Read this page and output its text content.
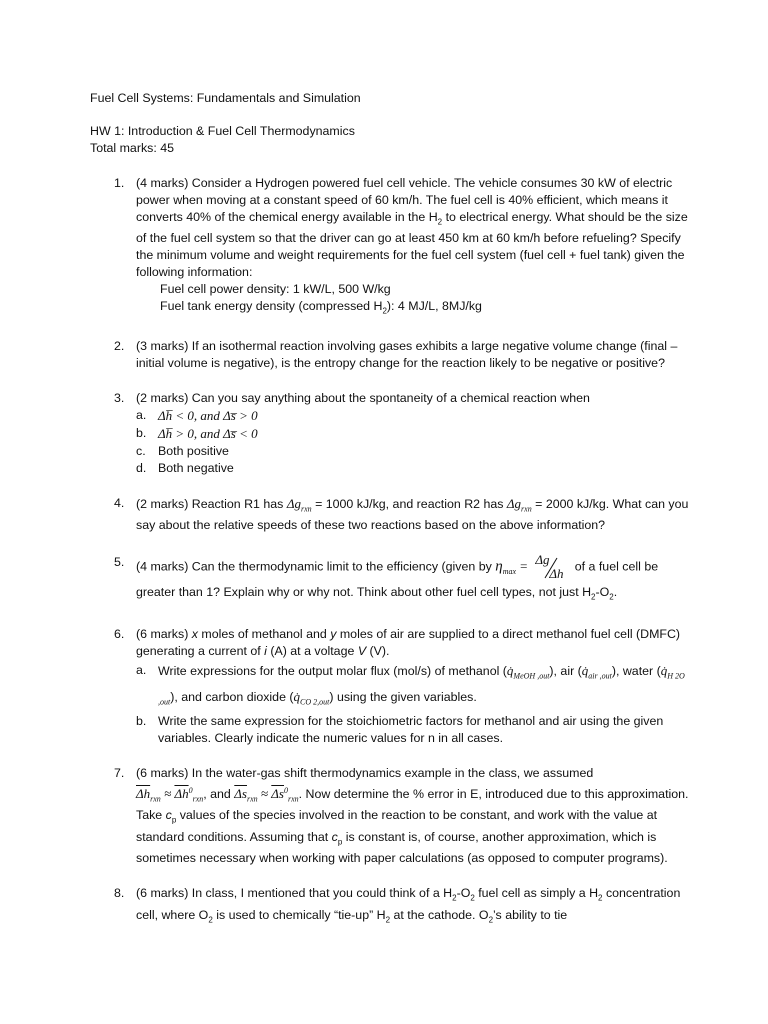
Fuel Cell Systems: Fundamentals and Simulation

HW 1: Introduction & Fuel Cell Thermodynamics

Total marks: 45

1. (4 marks) Consider a Hydrogen powered fuel cell vehicle. The vehicle consumes 30 kW of electric power when moving at a constant speed of 60 km/h. The fuel cell is 40% efficient, which means it converts 40% of the chemical energy available in the $H_2$ to electrical energy. What should be the size of the fuel cell system so that the driver can go at least 450 km at 60 km/h before refueling? Specify the minimum volume and weight requirements for the fuel cell system (fuel cell + fuel tank) given the following information:
Fuel cell power density: 1 kW/L, 500 W/kg
Fuel tank energy density (compressed $H_2$): 4 MJ/L, 8MJ/kg
2. (3 marks) If an isothermal reaction involving gases exhibits a large negative volume change (final – initial volume is negative), is the entropy change for the reaction likely to be negative or positive?
3. (2 marks) Can you say anything about the spontaneity of a chemical reaction when
a. Δh̅ < 0, and Δs̅ > 0
b. Δh̅ > 0, and Δs̅ < 0
c. Both positive
d. Both negative
4. (2 marks) Reaction R1 has $\Delta g_{rxn} = 1000$ kJ/kg, and reaction R2 has $\Delta g_{rxn} = 2000$ kJ/kg. What can you say about the relative speeds of these two reactions based on the above information?
5. (4 marks) Can the thermodynamic limit to the efficiency (given by $\eta_{max} = \Delta g$
Δh of a fuel cell be greater than 1? Explain why or why not. Think about other fuel cell types, not just $H_2-O_2$.
6. (6 marks) x moles of methanol and y moles of air are supplied to a direct methanol fuel cell (DMFC) generating a current of i (A) at a voltage V (V).
a. Write expressions for the output molar flux (mol/s) of methanol $(q̇_{MeOH ,out})$, air $(q̇_{air ,out})$, water $(q̇_{H 2O ,out})$, and carbon dioxide $(q̇_{CO 2,out})$ using the given variables.
b. Write the same expression for the stoichiometric factors for methanol and air using the given variables. Clearly indicate the numeric values for n in all cases.
7. (6 marks) In the water-gas shift thermodynamics example in the class, we assumed
$\overline{\Delta h}_{rxn} \approx \overline{\Delta h}^0_{rxn}$, and $\overline{\Delta s}_{rxn} \approx \overline{\Delta s}^0_{rxn}$. Now determine the % error in E, introduced due to this approximation. Take $c_p$ values of the species involved in the reaction to be constant, and work with the value at standard conditions. Assuming that $c_p$ is constant is, of course, another approximation, which is sometimes necessary when working with paper calculations (as opposed to computer programs).
8. (6 marks) In class, I mentioned that you could think of a $H_2-O_2$ fuel cell as simply a $H_2$ concentration cell, where $O_2$ is used to chemically “tie-up” $H_2$ at the cathode. $O_2’s$ ability to tie
